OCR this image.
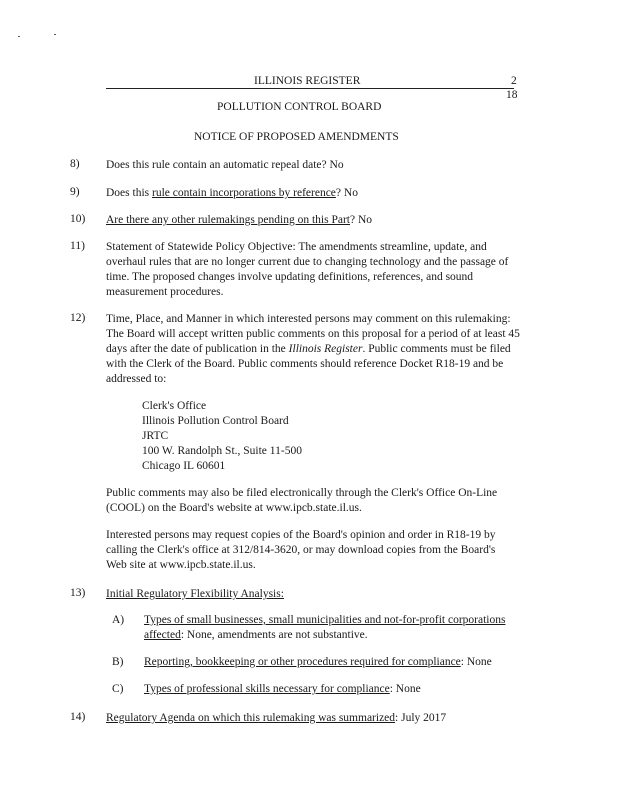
ILLINOIS REGISTER	2
18
POLLUTION CONTROL BOARD
NOTICE OF PROPOSED AMENDMENTS
8) Does this rule contain an automatic repeal date? No
9) Does this rule contain incorporations by reference? No
10) Are there any other rulemakings pending on this Part? No
11) Statement of Statewide Policy Objective: The amendments streamline, update, and
overhaul rules that are no longer current due to changing technology and the passage of
time. The proposed changes involve updating definitions, references, and sound
measurement procedures.
12) Time, Place, and Manner in which interested persons may comment on this rulemaking:
The Board will accept written public comments on this proposal for a period of at least 45
days after the date of publication in the Illinois Register. Public comments must be filed
with the Clerk of the Board. Public comments should reference Docket R18-19 and be
addressed to:
Clerk's Office
Illinois Pollution Control Board
JRTC
100 W. Randolph St., Suite 11-500
Chicago IL 60601
Public comments may also be filed electronically through the Clerk's Office On-Line
(COOL) on the Board's website at www.ipcb.state.il.us.
Interested persons may request copies of the Board's opinion and order in R18-19 by
calling the Clerk's office at 312/814-3620, or may download copies from the Board's
Web site at www.ipcb.state.il.us.
13) Initial Regulatory Flexibility Analysis:
A) Types of small businesses, small municipalities and not-for-profit corporations
affected: None, amendments are not substantive.
B) Reporting, bookkeeping or other procedures required for compliance: None
C) Types of professional skills necessary for compliance: None
14) Regulatory Agenda on which this rulemaking was summarized: July 2017
